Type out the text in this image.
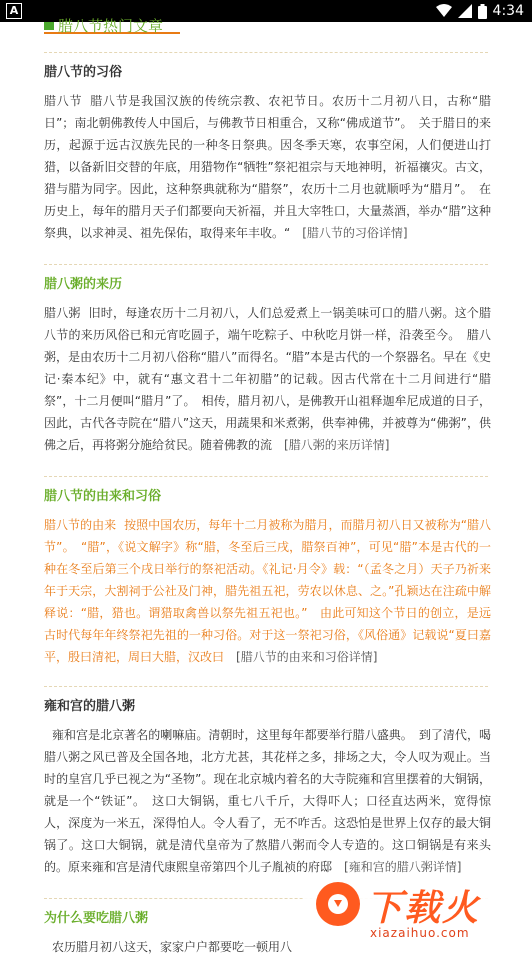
A	4:34
腊八节热门文章
腊八节的习俗

腊八节 腊八节是我国汉族的传统宗教、农祀节日。农历十二月初八日，古称“腊日”；南北朝佛教传人中国后，与佛教节日相重合，又称“佛成道节”。　关于腊日的来历，起源于远古汉族先民的一种冬日祭典。因冬季天寒，农事空闲，人们便进山打猎，以备新旧交替的年底，用猎物作“牺牲”祭祀祖宗与天地神明，祈福禳灾。古文，猎与腊为同字。因此，这种祭典就称为“腊祭”，农历十二月也就顺呼为“腊月”。　在历史上，每年的腊月天子们都要向天祈福，并且大宰牲口，大量蒸酒，举办“腊”这种祭典，以求神灵、祖先保佑，取得来年丰收。“　[腊八节的习俗详情]

腊八粥的来历

腊八粥 旧时，每逢农历十二月初八，人们总爱煮上一锅美味可口的腊八粥。这个腊八节的来历风俗已和元宵吃圆子，端午吃粽子、中秋吃月饼一样，沿袭至今。　腊八粥，是由农历十二月初八俗称“腊八”而得名。“腊”本是古代的一个祭器名。早在《史记·秦本纪》中，就有“惠文君十二年初腊”的记载。因古代常在十二月间进行“腊祭”，十二月便叫“腊月”了。　相传，腊月初八，是佛教开山祖释迦牟尼成道的日子，因此，古代各寺院在“腊八”这天，用蔬果和米煮粥，供奉神佛，并被尊为“佛粥”，供佛之后，再将粥分施给贫民。随着佛教的流　[腊八粥的来历详情]

腊八节的由来和习俗

腊八节的由来 按照中国农历，每年十二月被称为腊月，而腊月初八日又被称为“腊八节”。　“腊”，《说文解字》称“腊，冬至后三戌，腊祭百神”，可见“腊”本是古代的一种在冬至后第三个戌日举行的祭祀活动。《礼记·月令》载：“（孟冬之月）天子乃祈来年于天宗，大割祠于公社及门神，腊先祖五祀，劳农以休息、之。”孔颖达在注疏中解释说：“腊，猎也。谓猎取禽兽以祭先祖五祀也。”　由此可知这个节日的创立，是远古时代每年年终祭祀先祖的一种习俗。对于这一祭祀习俗，《风俗通》记载说“夏曰嘉平，殷曰清祀，周曰大腊，汉改曰　[腊八节的由来和习俗详情]

雍和宫的腊八粥

雍和宫是北京著名的喇嘛庙。清朝时，这里每年都要举行腊八盛典。　到了清代，喝腊八粥之风已普及全国各地，北方尤甚，其花样之多，排场之大，令人叹为观止。当时的皇宫几乎已视之为“圣物”。现在北京城内着名的大寺院雍和宫里摆着的大铜锅，就是一个“铁证”。　这口大铜锅，重七八千斤，大得吓人；口径直达两米，宽得惊人，深度为一米五，深得怕人。令人看了，无不咋舌。这恐怕是世界上仅存的最大铜锅了。这口大铜锅，就是清代皇帝为了熬腊八粥而令人专造的。这口铜锅是有来头的。原来雍和宫是清代康熙皇帝第四个儿子胤祯的府邸　[雍和宫的腊八粥详情]

为什么要吃腊八粥

农历腊月初八这天，家家户户都要吃一顿用八

下载火
xiazaihuo.com
